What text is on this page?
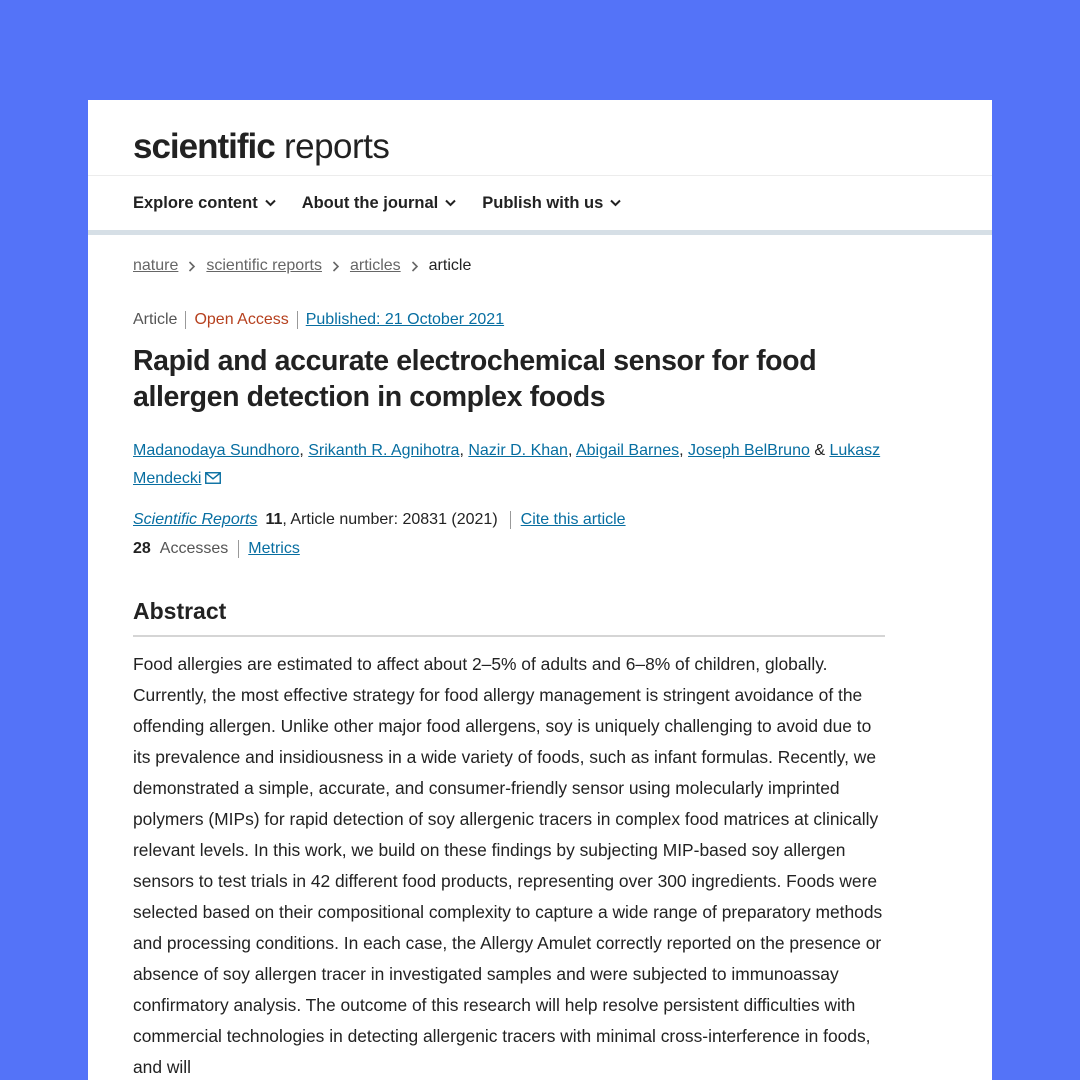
scientific reports
Explore content	About the journal	Publish with us
nature scientific reports articles article
Article	Open Access	Published: 21 October 2021
Rapid and accurate electrochemical sensor for food allergen detection in complex foods
Madanodaya Sundhoro, Srikanth R. Agnihotra, Nazir D. Khan, Abigail Barnes, Joseph BelBruno & Lukasz Mendecki
Scientific Reports 11 , Article number: 20831 (2021)	Cite this article
28 Accesses	Metrics
Abstract

Food allergies are estimated to affect about 2–5% of adults and 6–8% of children, globally. Currently, the most effective strategy for food allergy management is stringent avoidance of the offending allergen. Unlike other major food allergens, soy is uniquely challenging to avoid due to its prevalence and insidiousness in a wide variety of foods, such as infant formulas. Recently, we demonstrated a simple, accurate, and consumer-friendly sensor using molecularly imprinted polymers (MIPs) for rapid detection of soy allergenic tracers in complex food matrices at clinically relevant levels. In this work, we build on these findings by subjecting MIP-based soy allergen sensors to test trials in 42 different food products, representing over 300 ingredients. Foods were selected based on their compositional complexity to capture a wide range of preparatory methods and processing conditions. In each case, the Allergy Amulet correctly reported on the presence or absence of soy allergen tracer in investigated samples and were subjected to immunoassay confirmatory analysis. The outcome of this research will help resolve persistent difficulties with commercial technologies in detecting allergenic tracers with minimal cross-interference in foods, and will
